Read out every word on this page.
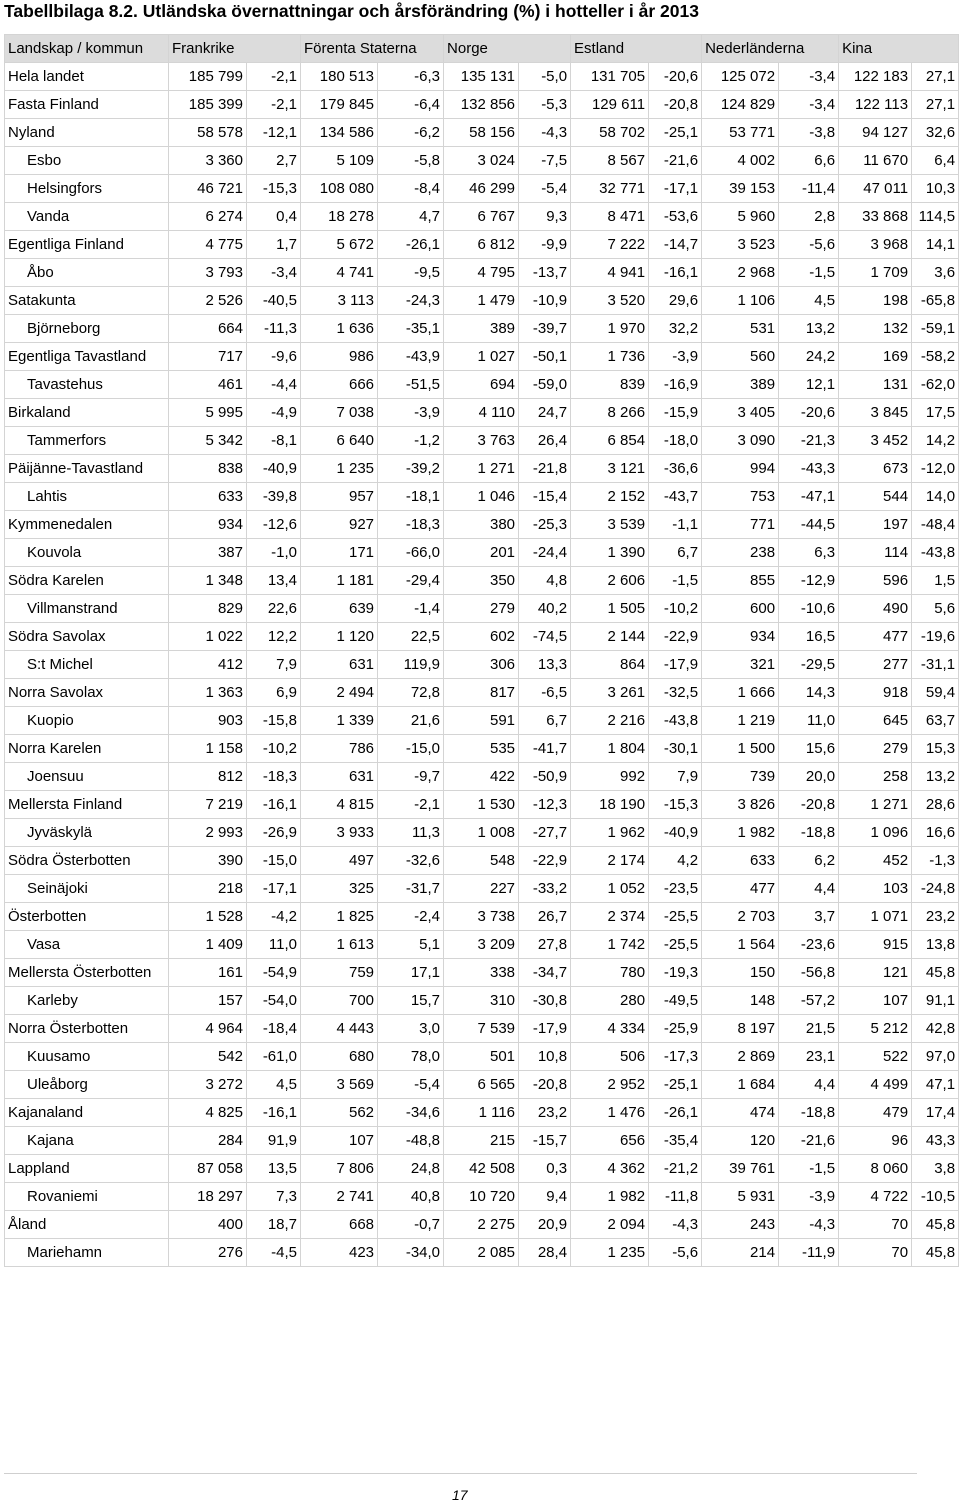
Tabellbilaga 8.2. Utländska övernattningar och årsförändring (%) i hotteller i år 2013
Landskap / kommun	Frankrike		Förenta Staterna		Norge		Estland		Nederländerna		Kina	
Hela landet	185 799	-2,1	180 513	-6,3	135 131	-5,0	131 705	-20,6	125 072	-3,4	122 183	27,1
Fasta Finland	185 399	-2,1	179 845	-6,4	132 856	-5,3	129 611	-20,8	124 829	-3,4	122 113	27,1
Nyland	58 578	-12,1	134 586	-6,2	58 156	-4,3	58 702	-25,1	53 771	-3,8	94 127	32,6
Esbo	3 360	2,7	5 109	-5,8	3 024	-7,5	8 567	-21,6	4 002	6,6	11 670	6,4
Helsingfors	46 721	-15,3	108 080	-8,4	46 299	-5,4	32 771	-17,1	39 153	-11,4	47 011	10,3
Vanda	6 274	0,4	18 278	4,7	6 767	9,3	8 471	-53,6	5 960	2,8	33 868	114,5
Egentliga Finland	4 775	1,7	5 672	-26,1	6 812	-9,9	7 222	-14,7	3 523	-5,6	3 968	14,1
Åbo	3 793	-3,4	4 741	-9,5	4 795	-13,7	4 941	-16,1	2 968	-1,5	1 709	3,6
Satakunta	2 526	-40,5	3 113	-24,3	1 479	-10,9	3 520	29,6	1 106	4,5	198	-65,8
Björneborg	664	-11,3	1 636	-35,1	389	-39,7	1 970	32,2	531	13,2	132	-59,1
Egentliga Tavastland	717	-9,6	986	-43,9	1 027	-50,1	1 736	-3,9	560	24,2	169	-58,2
Tavastehus	461	-4,4	666	-51,5	694	-59,0	839	-16,9	389	12,1	131	-62,0
Birkaland	5 995	-4,9	7 038	-3,9	4 110	24,7	8 266	-15,9	3 405	-20,6	3 845	17,5
Tammerfors	5 342	-8,1	6 640	-1,2	3 763	26,4	6 854	-18,0	3 090	-21,3	3 452	14,2
Päijänne-Tavastland	838	-40,9	1 235	-39,2	1 271	-21,8	3 121	-36,6	994	-43,3	673	-12,0
Lahtis	633	-39,8	957	-18,1	1 046	-15,4	2 152	-43,7	753	-47,1	544	14,0
Kymmenedalen	934	-12,6	927	-18,3	380	-25,3	3 539	-1,1	771	-44,5	197	-48,4
Kouvola	387	-1,0	171	-66,0	201	-24,4	1 390	6,7	238	6,3	114	-43,8
Södra Karelen	1 348	13,4	1 181	-29,4	350	4,8	2 606	-1,5	855	-12,9	596	1,5
Villmanstrand	829	22,6	639	-1,4	279	40,2	1 505	-10,2	600	-10,6	490	5,6
Södra Savolax	1 022	12,2	1 120	22,5	602	-74,5	2 144	-22,9	934	16,5	477	-19,6
S:t Michel	412	7,9	631	119,9	306	13,3	864	-17,9	321	-29,5	277	-31,1
Norra Savolax	1 363	6,9	2 494	72,8	817	-6,5	3 261	-32,5	1 666	14,3	918	59,4
Kuopio	903	-15,8	1 339	21,6	591	6,7	2 216	-43,8	1 219	11,0	645	63,7
Norra Karelen	1 158	-10,2	786	-15,0	535	-41,7	1 804	-30,1	1 500	15,6	279	15,3
Joensuu	812	-18,3	631	-9,7	422	-50,9	992	7,9	739	20,0	258	13,2
Mellersta Finland	7 219	-16,1	4 815	-2,1	1 530	-12,3	18 190	-15,3	3 826	-20,8	1 271	28,6
Jyväskylä	2 993	-26,9	3 933	11,3	1 008	-27,7	1 962	-40,9	1 982	-18,8	1 096	16,6
Södra Österbotten	390	-15,0	497	-32,6	548	-22,9	2 174	4,2	633	6,2	452	-1,3
Seinäjoki	218	-17,1	325	-31,7	227	-33,2	1 052	-23,5	477	4,4	103	-24,8
Österbotten	1 528	-4,2	1 825	-2,4	3 738	26,7	2 374	-25,5	2 703	3,7	1 071	23,2
Vasa	1 409	11,0	1 613	5,1	3 209	27,8	1 742	-25,5	1 564	-23,6	915	13,8
Mellersta Österbotten	161	-54,9	759	17,1	338	-34,7	780	-19,3	150	-56,8	121	45,8
Karleby	157	-54,0	700	15,7	310	-30,8	280	-49,5	148	-57,2	107	91,1
Norra Österbotten	4 964	-18,4	4 443	3,0	7 539	-17,9	4 334	-25,9	8 197	21,5	5 212	42,8
Kuusamo	542	-61,0	680	78,0	501	10,8	506	-17,3	2 869	23,1	522	97,0
Uleåborg	3 272	4,5	3 569	-5,4	6 565	-20,8	2 952	-25,1	1 684	4,4	4 499	47,1
Kajanaland	4 825	-16,1	562	-34,6	1 116	23,2	1 476	-26,1	474	-18,8	479	17,4
Kajana	284	91,9	107	-48,8	215	-15,7	656	-35,4	120	-21,6	96	43,3
Lappland	87 058	13,5	7 806	24,8	42 508	0,3	4 362	-21,2	39 761	-1,5	8 060	3,8
Rovaniemi	18 297	7,3	2 741	40,8	10 720	9,4	1 982	-11,8	5 931	-3,9	4 722	-10,5
Åland	400	18,7	668	-0,7	2 275	20,9	2 094	-4,3	243	-4,3	70	45,8
Mariehamn	276	-4,5	423	-34,0	2 085	28,4	1 235	-5,6	214	-11,9	70	45,8
17
